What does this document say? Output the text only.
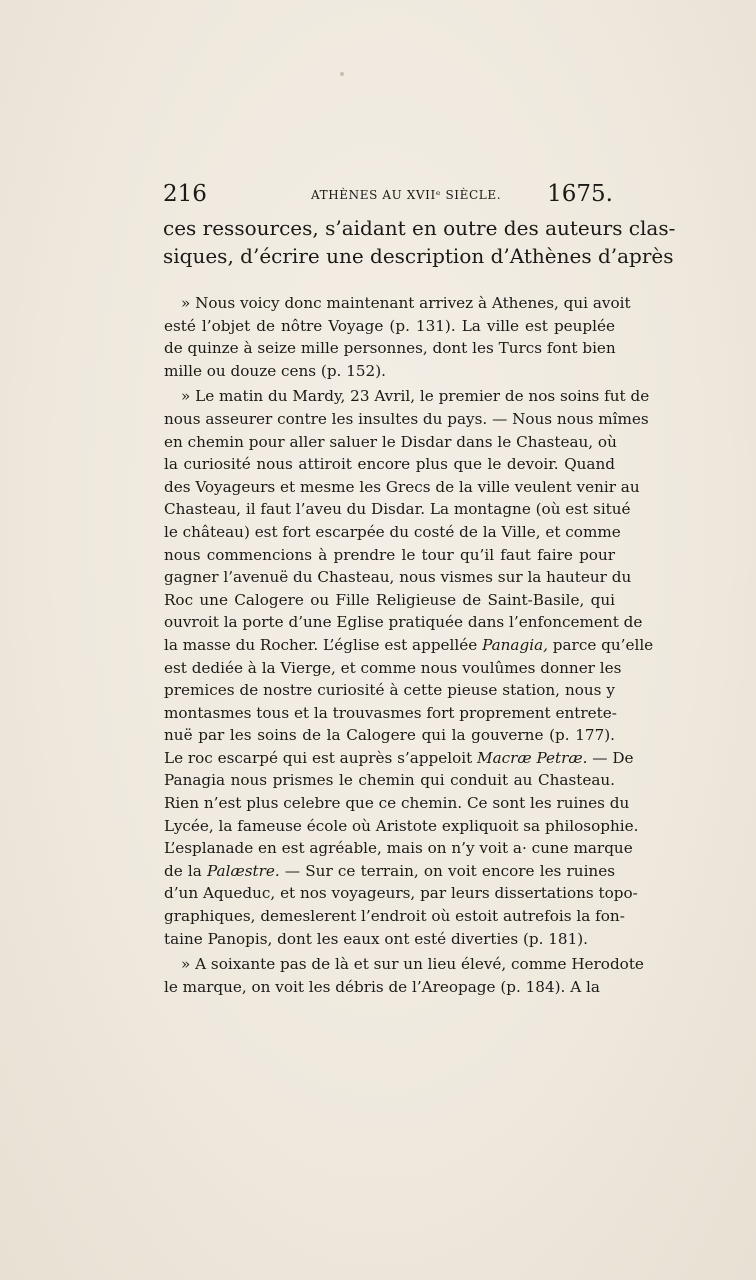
216	ATHÈNES AU XVIIᵉ SIÈCLE. 1675.
ces ressources, s’aidant en outre des auteurs clas-
siques, d’écrire une description d’Athènes d’après
» Nous voicy donc maintenant arrivez à Athenes, qui avoit
esté l’objet de nôtre Voyage (p. 131). La ville est peuplée
de quinze à seize mille personnes, dont les Turcs font bien
mille ou douze cens (p. 152).
» Le matin du Mardy, 23 Avril, le premier de nos soins fut de
nous asseurer contre les insultes du pays. — Nous nous mîmes
en chemin pour aller saluer le Disdar dans le Chasteau, où
la curiosité nous attiroit encore plus que le devoir. Quand
des Voyageurs et mesme les Grecs de la ville veulent venir au
Chasteau, il faut l’aveu du Disdar. La montagne (où est situé
le château) est fort escarpée du costé de la Ville, et comme
nous commencions à prendre le tour qu’il faut faire pour
gagner l’avenuë du Chasteau, nous vismes sur la hauteur du
Roc une Calogere ou Fille Religieuse de Saint-Basile, qui
ouvroit la porte d’une Eglise pratiquée dans l’enfoncement de
la masse du Rocher. L’église est appellée Panagia, parce qu’elle
est dediée à la Vierge, et comme nous voulûmes donner les
premices de nostre curiosité à cette pieuse station, nous y
montasmes tous et la trouvasmes fort proprement entrete-
nuë par les soins de la Calogere qui la gouverne (p. 177).
Le roc escarpé qui est auprès s’appeloit Macræ Petræ. — De
Panagia nous prismes le chemin qui conduit au Chasteau.
Rien n’est plus celebre que ce chemin. Ce sont les ruines du
Lycée, la fameuse école où Aristote expliquoit sa philosophie.
L’esplanade en est agréable, mais on n’y voit a· cune marque
de la Palæstre. — Sur ce terrain, on voit encore les ruines
d’un Aqueduc, et nos voyageurs, par leurs dissertations topo-
graphiques, demeslerent l’endroit où estoit autrefois la fon-
taine Panopis, dont les eaux ont esté diverties (p. 181).
» A soixante pas de là et sur un lieu élevé, comme Herodote
le marque, on voit les débris de l’Areopage (p. 184). A la
